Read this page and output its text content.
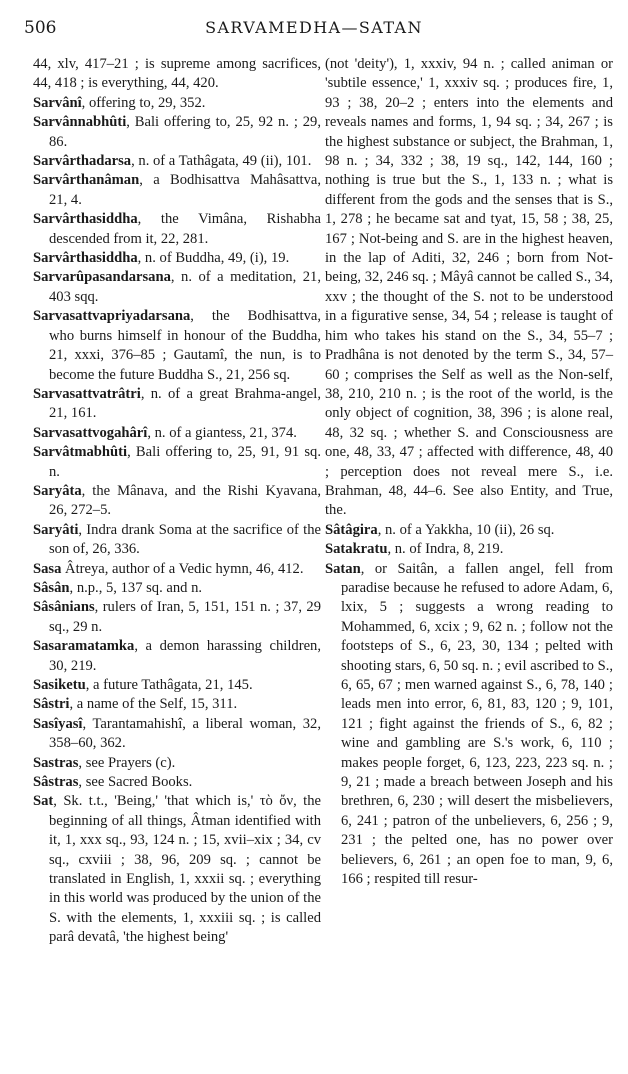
506	SARVAMEDHA—SATAN

44, xlv, 417–21 ; is supreme among sacrifices, 44, 418 ; is everything, 44, 420.

Sarvânî, offering to, 29, 352.

Sarvânnabhûti, Bali offering to, 25, 92 n. ; 29, 86.

Sarvârthadarsa, n. of a Tathâgata, 49 (ii), 101.

Sarvârthanâman, a Bodhisattva Mahâsattva, 21, 4.

Sarvârthasiddha, the Vimâna, Rishabha descended from it, 22, 281.

Sarvârthasiddha, n. of Buddha, 49, (i), 19.

Sarvarûpasandarsana, n. of a meditation, 21, 403 sqq.

Sarvasattvapriyadarsana, the Bodhisattva, who burns himself in honour of the Buddha, 21, xxxi, 376–85 ; Gautamî, the nun, is to become the future Buddha S., 21, 256 sq.

Sarvasattvatrâtri, n. of a great Brahma-angel, 21, 161.

Sarvasattvogahârî, n. of a giantess, 21, 374.

Sarvâtmabhûti, Bali offering to, 25, 91, 91 sq. n.

Saryâta, the Mânava, and the Rishi Kyavana, 26, 272–5.

Saryâti, Indra drank Soma at the sacrifice of the son of, 26, 336.

Sasa Âtreya, author of a Vedic hymn, 46, 412.

Sâsân, n.p., 5, 137 sq. and n.

Sâsânians, rulers of Iran, 5, 151, 151 n. ; 37, 29 sq., 29 n.

Sasaramatamka, a demon harassing children, 30, 219.

Sasiketu, a future Tathâgata, 21, 145.

Sâstri, a name of the Self, 15, 311.

Sasîyasî, Tarantamahishî, a liberal woman, 32, 358–60, 362.

Sastras, see Prayers (c).

Sâstras, see Sacred Books.

Sat, Sk. t.t., 'Being,' 'that which is,' τὸ ὄν, the beginning of all things, Âtman identified with it, 1, xxx sq., 93, 124 n. ; 15, xvii–xix ; 34, cv sq., cxviii ; 38, 96, 209 sq. ; cannot be translated in English, 1, xxxii sq. ; everything in this world was produced by the union of the S. with the elements, 1, xxxiii sq. ; is called parâ devatâ, 'the highest being'

(not 'deity'), 1, xxxiv, 94 n. ; called animan or 'subtile essence,' 1, xxxiv sq. ; produces fire, 1, 93 ; 38, 20–2 ; enters into the elements and reveals names and forms, 1, 94 sq. ; 34, 267 ; is the highest substance or subject, the Brahman, 1, 98 n. ; 34, 332 ; 38, 19 sq., 142, 144, 160 ; nothing is true but the S., 1, 133 n. ; what is different from the gods and the senses that is S., 1, 278 ; he became sat and tyat, 15, 58 ; 38, 25, 167 ; Not-being and S. are in the highest heaven, in the lap of Aditi, 32, 246 ; born from Not-being, 32, 246 sq. ; Mâyâ cannot be called S., 34, xxv ; the thought of the S. not to be understood in a figurative sense, 34, 54 ; release is taught of him who takes his stand on the S., 34, 55–7 ; Pradhâna is not denoted by the term S., 34, 57–60 ; comprises the Self as well as the Non-self, 38, 210, 210 n. ; is the root of the world, is the only object of cognition, 38, 396 ; is alone real, 48, 32 sq. ; whether S. and Consciousness are one, 48, 33, 47 ; affected with difference, 48, 40 ; perception does not reveal mere S., i.e. Brahman, 48, 44–6. See also Entity, and True, the.

Sâtâgira, n. of a Yakkha, 10 (ii), 26 sq.

Satakratu, n. of Indra, 8, 219.

Satan, or Saitân, a fallen angel, fell from paradise because he refused to adore Adam, 6, lxix, 5 ; suggests a wrong reading to Mohammed, 6, xcix ; 9, 62 n. ; follow not the footsteps of S., 6, 23, 30, 134 ; pelted with shooting stars, 6, 50 sq. n. ; evil ascribed to S., 6, 65, 67 ; men warned against S., 6, 78, 140 ; leads men into error, 6, 81, 83, 120 ; 9, 101, 121 ; fight against the friends of S., 6, 82 ; wine and gambling are S.'s work, 6, 110 ; makes people forget, 6, 123, 223, 223 sq. n. ; 9, 21 ; made a breach between Joseph and his brethren, 6, 230 ; will desert the misbelievers, 6, 241 ; patron of the unbelievers, 6, 256 ; 9, 231 ; the pelted one, has no power over believers, 6, 261 ; an open foe to man, 9, 6, 166 ; respited till resur-
